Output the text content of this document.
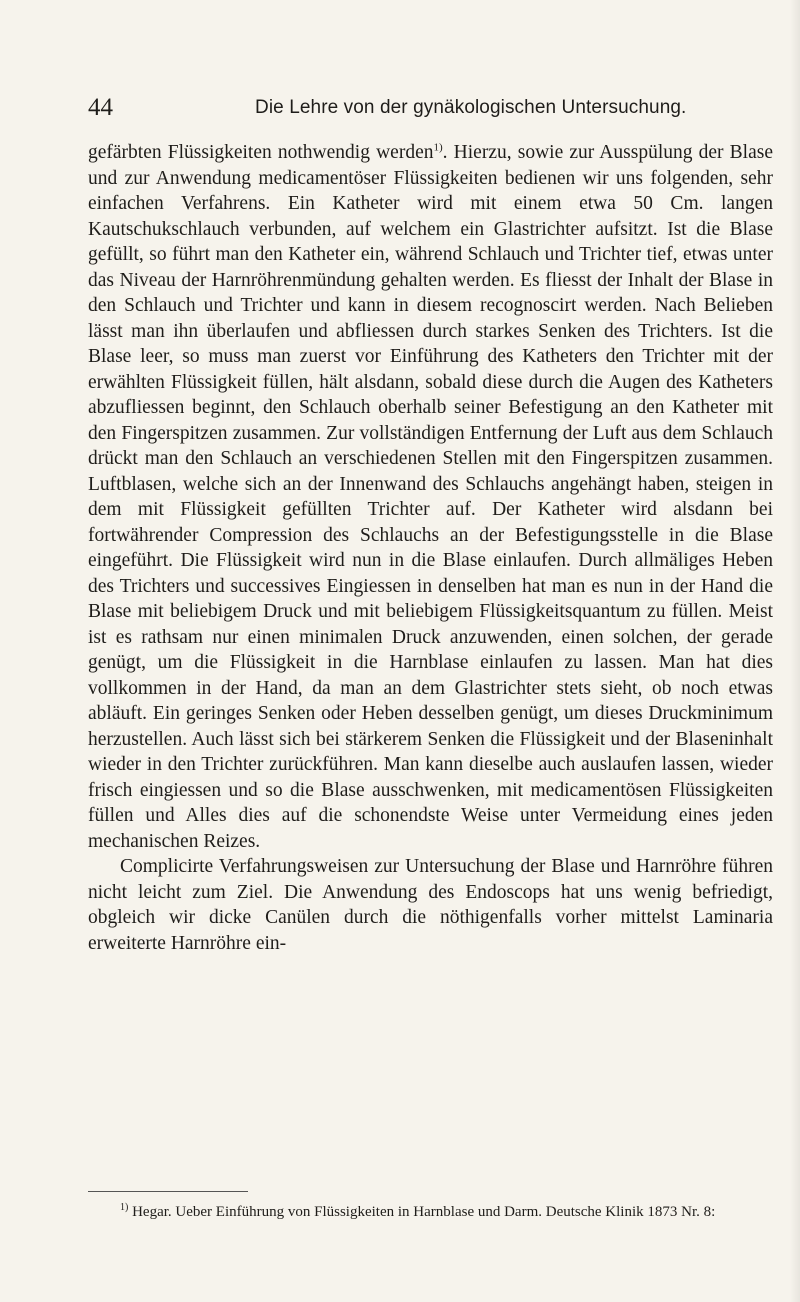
44	Die Lehre von der gynäkologischen Untersuchung.

gefärbten Flüssigkeiten nothwendig werden$^{1)}$. Hierzu, sowie zur Ausspülung der Blase und zur Anwendung medicamentöser Flüssigkeiten bedienen wir uns folgenden, sehr einfachen Verfahrens. Ein Katheter wird mit einem etwa 50 Cm. langen Kautschukschlauch verbunden, auf welchem ein Glastrichter aufsitzt. Ist die Blase gefüllt, so führt man den Katheter ein, während Schlauch und Trichter tief, etwas unter das Niveau der Harnröhrenmündung gehalten werden. Es fliesst der Inhalt der Blase in den Schlauch und Trichter und kann in diesem recognoscirt werden. Nach Belieben lässt man ihn überlaufen und abfliessen durch starkes Senken des Trichters. Ist die Blase leer, so muss man zuerst vor Einführung des Katheters den Trichter mit der erwählten Flüssigkeit füllen, hält alsdann, sobald diese durch die Augen des Katheters abzufliessen beginnt, den Schlauch oberhalb seiner Befestigung an den Katheter mit den Fingerspitzen zusammen. Zur vollständigen Entfernung der Luft aus dem Schlauch drückt man den Schlauch an verschiedenen Stellen mit den Fingerspitzen zusammen. Luftblasen, welche sich an der Innenwand des Schlauchs angehängt haben, steigen in dem mit Flüssigkeit gefüllten Trichter auf. Der Katheter wird alsdann bei fortwährender Compression des Schlauchs an der Befestigungsstelle in die Blase eingeführt. Die Flüssigkeit wird nun in die Blase einlaufen. Durch allmäliges Heben des Trichters und successives Eingiessen in denselben hat man es nun in der Hand die Blase mit beliebigem Druck und mit beliebigem Flüssigkeitsquantum zu füllen. Meist ist es rathsam nur einen minimalen Druck anzuwenden, einen solchen, der gerade genügt, um die Flüssigkeit in die Harnblase einlaufen zu lassen. Man hat dies vollkommen in der Hand, da man an dem Glastrichter stets sieht, ob noch etwas abläuft. Ein geringes Senken oder Heben desselben genügt, um dieses Druckminimum herzustellen. Auch lässt sich bei stärkerem Senken die Flüssigkeit und der Blaseninhalt wieder in den Trichter zurückführen. Man kann dieselbe auch auslaufen lassen, wieder frisch eingiessen und so die Blase ausschwenken, mit medicamentösen Flüssigkeiten füllen und Alles dies auf die schonendste Weise unter Vermeidung eines jeden mechanischen Reizes.

Complicirte Verfahrungsweisen zur Untersuchung der Blase und Harnröhre führen nicht leicht zum Ziel. Die Anwendung des Endoscops hat uns wenig befriedigt, obgleich wir dicke Canülen durch die nöthigenfalls vorher mittelst Laminaria erweiterte Harnröhre ein-

$^{1)}$ Hegar. Ueber Einführung von Flüssigkeiten in Harnblase und Darm. Deutsche Klinik 1873 Nr. 8:
